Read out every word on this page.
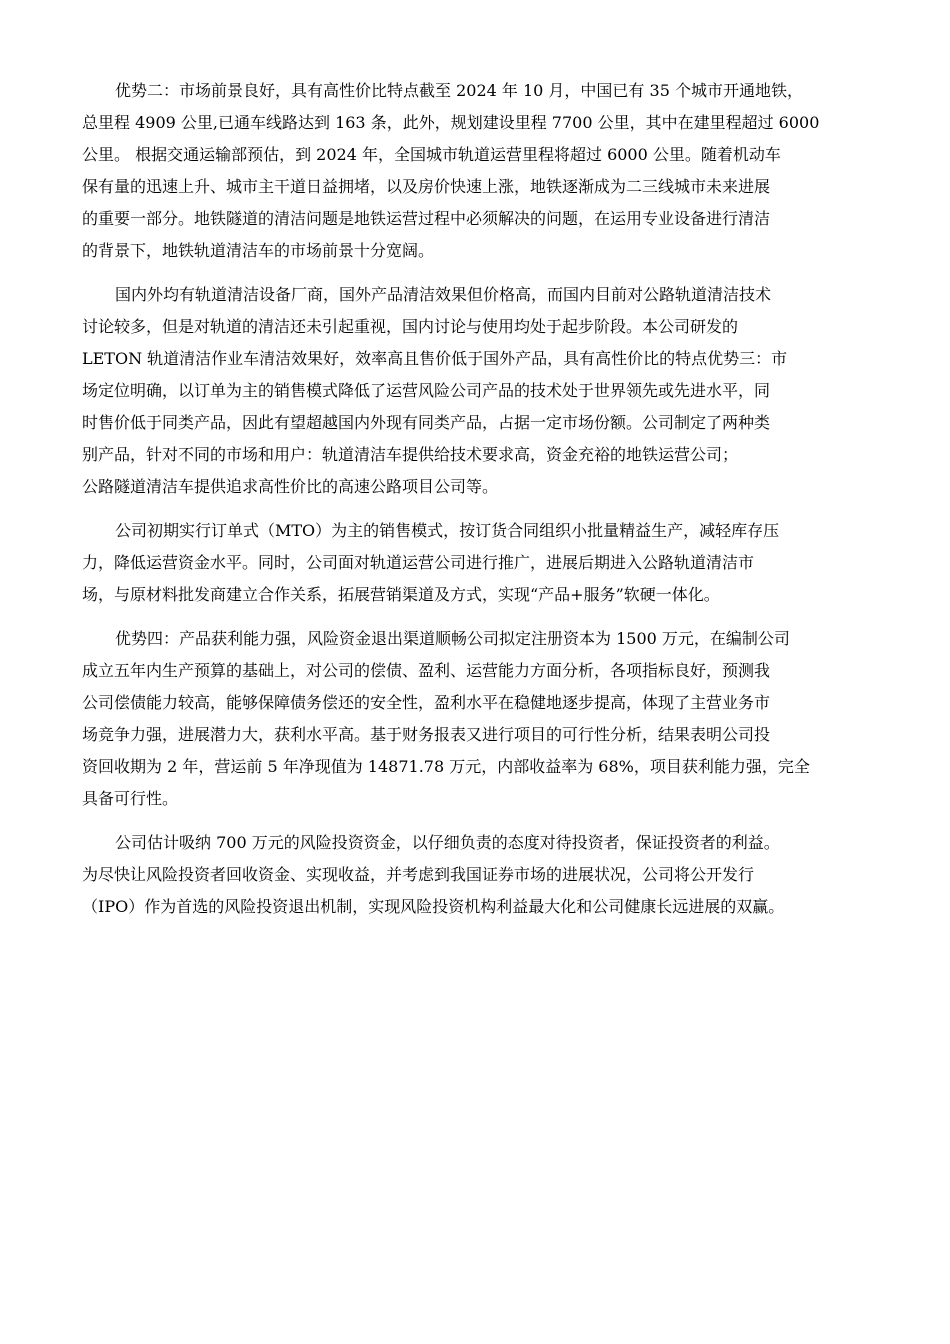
优势二：市场前景良好，具有高性价比特点截至 2024 年 10 月，中国已有 35 个城市开通地铁，
总里程 4909 公里,已通车线路达到 163 条，此外，规划建设里程 7700 公里，其中在建里程超过 6000
公里。 根据交通运输部预估，到 2024 年，全国城市轨道运营里程将超过 6000 公里。随着机动车
保有量的迅速上升、城市主干道日益拥堵，以及房价快速上涨，地铁逐渐成为二三线城市未来进展
的重要一部分。地铁隧道的清洁问题是地铁运营过程中必须解决的问题，在运用专业设备进行清洁
的背景下，地铁轨道清洁车的市场前景十分宽阔。

国内外均有轨道清洁设备厂商，国外产品清洁效果但价格高，而国内目前对公路轨道清洁技术
讨论较多，但是对轨道的清洁还未引起重视，国内讨论与使用均处于起步阶段。本公司研发的
LETON 轨道清洁作业车清洁效果好，效率高且售价低于国外产品，具有高性价比的特点优势三：市
场定位明确，以订单为主的销售模式降低了运营风险公司产品的技术处于世界领先或先进水平，同
时售价低于同类产品，因此有望超越国内外现有同类产品，占据一定市场份额。公司制定了两种类
别产品，针对不同的市场和用户：轨道清洁车提供给技术要求高，资金充裕的地铁运营公司；
公路隧道清洁车提供追求高性价比的高速公路项目公司等。

公司初期实行订单式（MTO）为主的销售模式，按订货合同组织小批量精益生产，减轻库存压
力，降低运营资金水平。同时，公司面对轨道运营公司进行推广，进展后期进入公路轨道清洁市
场，与原材料批发商建立合作关系，拓展营销渠道及方式，实现“产品+服务”软硬一体化。

优势四：产品获利能力强，风险资金退出渠道顺畅公司拟定注册资本为 1500 万元，在编制公司
成立五年内生产预算的基础上，对公司的偿债、盈利、运营能力方面分析，各项指标良好，预测我
公司偿债能力较高，能够保障债务偿还的安全性，盈利水平在稳健地逐步提高，体现了主营业务市
场竞争力强，进展潜力大，获利水平高。基于财务报表又进行项目的可行性分析，结果表明公司投
资回收期为 2 年，营运前 5 年净现值为 14871.78 万元，内部收益率为 68%，项目获利能力强，完全
具备可行性。

公司估计吸纳 700 万元的风险投资资金，以仔细负责的态度对待投资者，保证投资者的利益。
为尽快让风险投资者回收资金、实现收益，并考虑到我国证券市场的进展状况，公司将公开发行
（IPO）作为首选的风险投资退出机制，实现风险投资机构利益最大化和公司健康长远进展的双赢。
